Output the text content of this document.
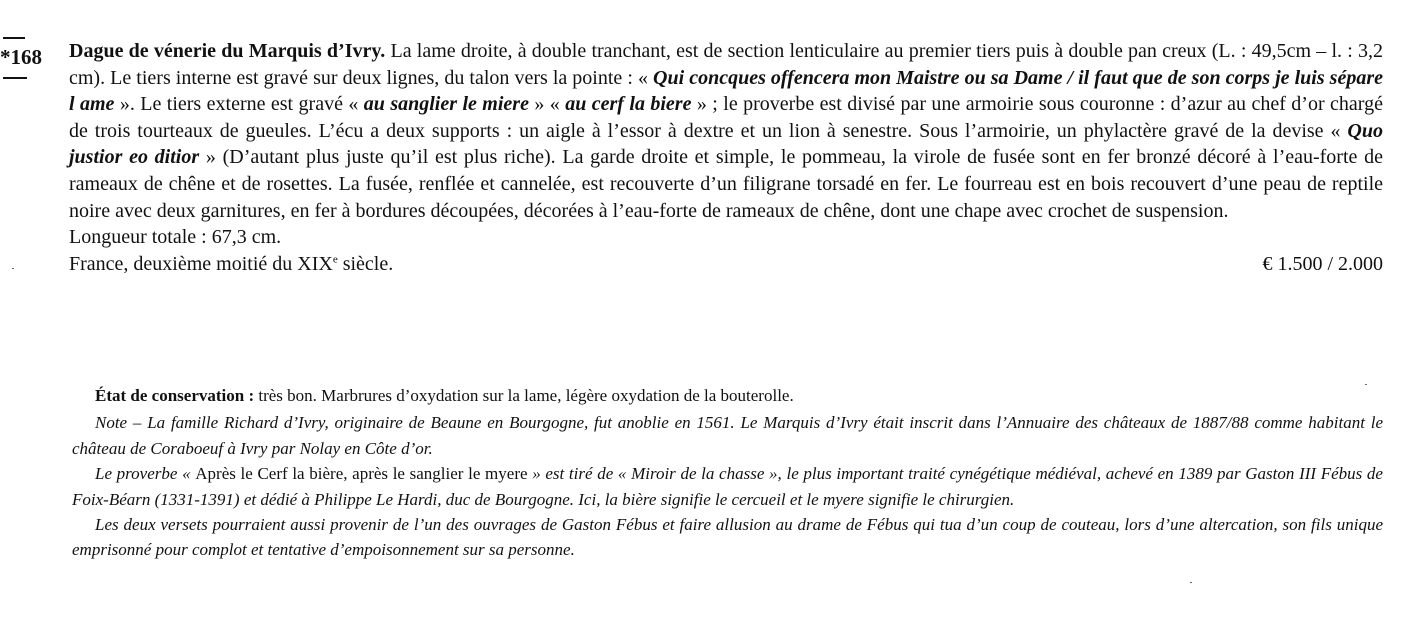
*168 Dague de vénerie du Marquis d’Ivry. La lame droite, à double tranchant, est de section lenticulaire au premier tiers puis à double pan creux (L. : 49,5cm – l. : 3,2 cm). Le tiers interne est gravé sur deux lignes, du talon vers la pointe : « Qui concques offencera mon Maistre ou sa Dame / il faut que de son corps je luis sépare l ame ». Le tiers externe est gravé « au sanglier le miere » « au cerf la biere » ; le proverbe est divisé par une armoirie sous couronne : d’azur au chef d’or chargé de trois tourteaux de gueules. L’écu a deux supports : un aigle à l’essor à dextre et un lion à senestre. Sous l’armoirie, un phylactère gravé de la devise « Quo justior eo ditior » (D’autant plus juste qu’il est plus riche). La garde droite et simple, le pommeau, la virole de fusée sont en fer bronzé décoré à l’eau-forte de rameaux de chêne et de rosettes. La fusée, renflée et cannelée, est recouverte d’un filigrane torsadé en fer. Le fourreau est en bois recouvert d’une peau de reptile noire avec deux garnitures, en fer à bordures découpées, décorées à l’eau-forte de rameaux de chêne, dont une chape avec crochet de suspension.

Longueur totale : 67,3 cm.

France, deuxième moitié du XIXe siècle.	€ 1.500 / 2.000

État de conservation : très bon. Marbrures d’oxydation sur la lame, légère oxydation de la bouterolle.

Note – La famille Richard d’Ivry, originaire de Beaune en Bourgogne, fut anoblie en 1561. Le Marquis d’Ivry était inscrit dans l’Annuaire des châteaux de 1887/88 comme habitant le château de Coraboeuf à Ivry par Nolay en Côte d’or.

Le proverbe « Après le Cerf la bière, après le sanglier le myere » est tiré de « Miroir de la chasse », le plus important traité cynégétique médiéval, achevé en 1389 par Gaston III Fébus de Foix-Béarn (1331-1391) et dédié à Philippe Le Hardi, duc de Bourgogne. Ici, la bière signifie le cercueil et le myere signifie le chirurgien.

Les deux versets pourraient aussi provenir de l’un des ouvrages de Gaston Fébus et faire allusion au drame de Fébus qui tua d’un coup de couteau, lors d’une altercation, son fils unique emprisonné pour complot et tentative d’empoisonnement sur sa personne.
